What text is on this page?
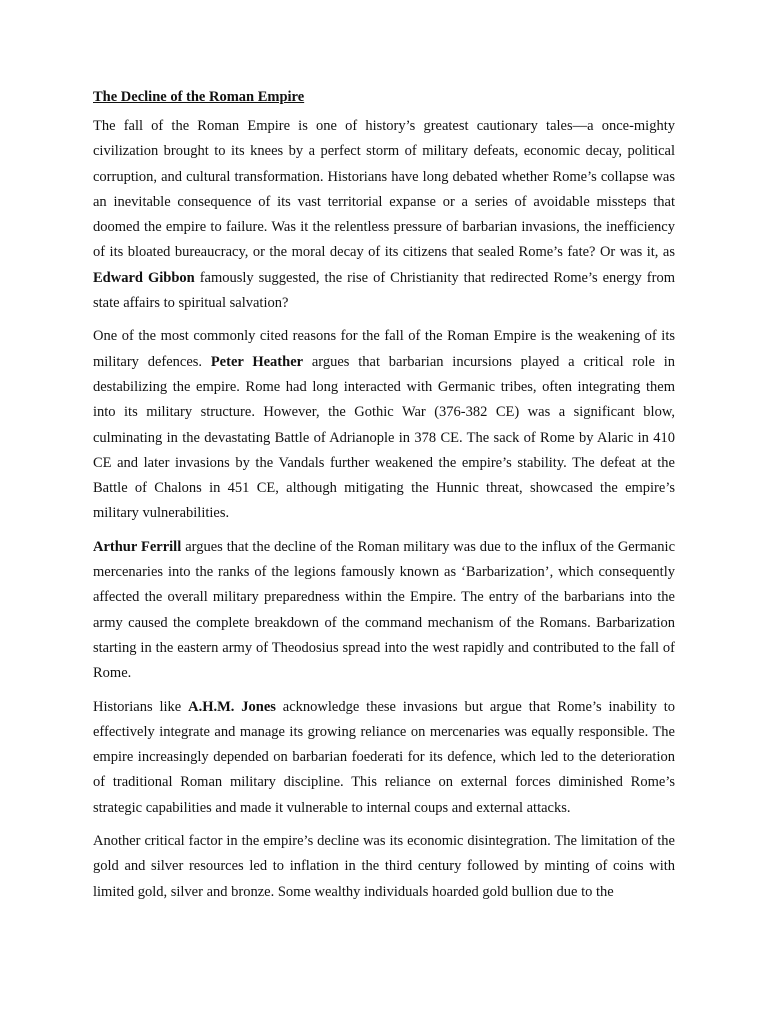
The Decline of the Roman Empire

The fall of the Roman Empire is one of history’s greatest cautionary tales—a once-mighty civilization brought to its knees by a perfect storm of military defeats, economic decay, political corruption, and cultural transformation. Historians have long debated whether Rome’s collapse was an inevitable consequence of its vast territorial expanse or a series of avoidable missteps that doomed the empire to failure. Was it the relentless pressure of barbarian invasions, the inefficiency of its bloated bureaucracy, or the moral decay of its citizens that sealed Rome’s fate? Or was it, as Edward Gibbon famously suggested, the rise of Christianity that redirected Rome’s energy from state affairs to spiritual salvation?

One of the most commonly cited reasons for the fall of the Roman Empire is the weakening of its military defences. Peter Heather argues that barbarian incursions played a critical role in destabilizing the empire. Rome had long interacted with Germanic tribes, often integrating them into its military structure. However, the Gothic War (376-382 CE) was a significant blow, culminating in the devastating Battle of Adrianople in 378 CE. The sack of Rome by Alaric in 410 CE and later invasions by the Vandals further weakened the empire’s stability. The defeat at the Battle of Chalons in 451 CE, although mitigating the Hunnic threat, showcased the empire’s military vulnerabilities.

Arthur Ferrill argues that the decline of the Roman military was due to the influx of the Germanic mercenaries into the ranks of the legions famously known as ‘Barbarization’, which consequently affected the overall military preparedness within the Empire. The entry of the barbarians into the army caused the complete breakdown of the command mechanism of the Romans. Barbarization starting in the eastern army of Theodosius spread into the west rapidly and contributed to the fall of Rome.

Historians like A.H.M. Jones acknowledge these invasions but argue that Rome’s inability to effectively integrate and manage its growing reliance on mercenaries was equally responsible. The empire increasingly depended on barbarian foederati for its defence, which led to the deterioration of traditional Roman military discipline. This reliance on external forces diminished Rome’s strategic capabilities and made it vulnerable to internal coups and external attacks.

Another critical factor in the empire’s decline was its economic disintegration. The limitation of the gold and silver resources led to inflation in the third century followed by minting of coins with limited gold, silver and bronze. Some wealthy individuals hoarded gold bullion due to the
